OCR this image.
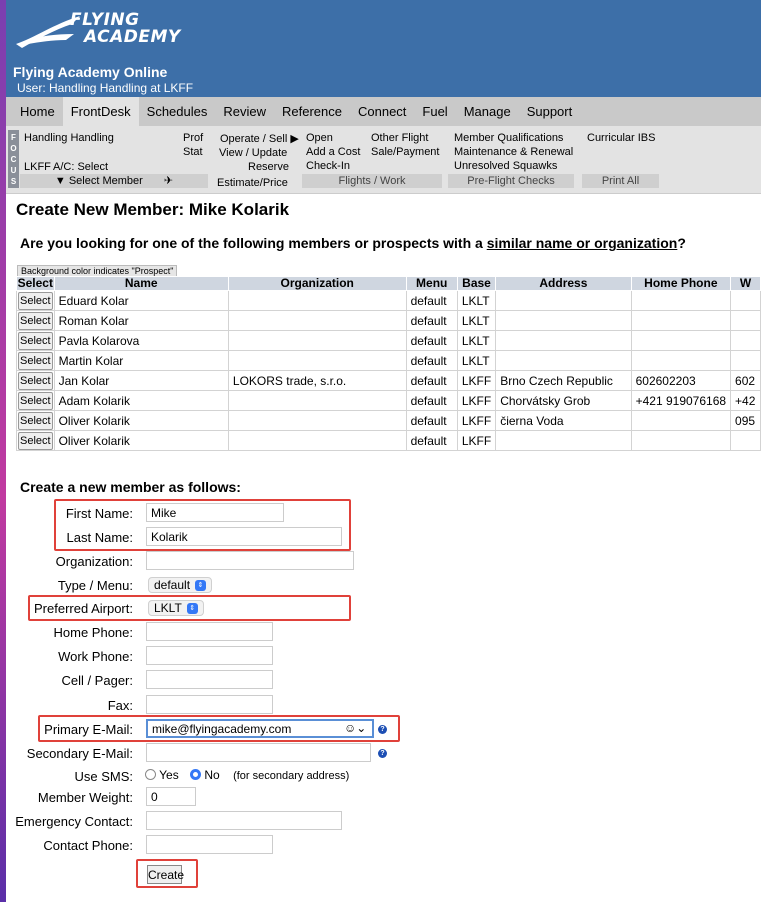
FLYING
ACADEMY
Flying Academy Online
User: Handling Handling at LKFF
Home	FrontDesk	Schedules	Review	Reference	Connect	Fuel	Manage	Support
F
O
C
U
S
Handling Handling	Prof
Stat
LKFF A/C: Select
▼ Select Member ✈
Operate / Sell ▶
View / Update
Reserve
Estimate/Price
Open
Add a Cost
Check-In
Other Flight
Sale/Payment
Flights / Work
Member Qualifications
Maintenance & Renewal
Unresolved Squawks
Pre-Flight Checks
Curricular IBS
Print All
Create New Member: Mike Kolarik
Are you looking for one of the following members or prospects with a similar name or organization?
Background color indicates "Prospect"
Select	Name	Organization	Menu	Base	Address	Home Phone	W
Select	Eduard Kolar		default	LKLT			
Select	Roman Kolar		default	LKLT			
Select	Pavla Kolarova		default	LKLT			
Select	Martin Kolar		default	LKLT			
Select	Jan Kolar	LOKORS trade, s.r.o.	default	LKFF	Brno Czech Republic	602602203	602
Select	Adam Kolarik		default	LKFF	Chorvátsky Grob	+421 919076168	+42
Select	Oliver Kolarik		default	LKFF	čierna Voda		095
Select	Oliver Kolarik		default	LKFF			
Create a new member as follows:
First Name:
Mike
Last Name:
Kolarik
Organization:
Type / Menu:	default ⇕
Preferred Airport:	LKLT ⇕
Home Phone:
Work Phone:
Cell / Pager:
Fax:
Primary E-Mail:
mike@flyingacademy.com	☺⌄	?
Secondary E-Mail:	?
Use SMS:	Yes No (for secondary address)
Member Weight:
0
Emergency Contact:
Contact Phone:
Create
